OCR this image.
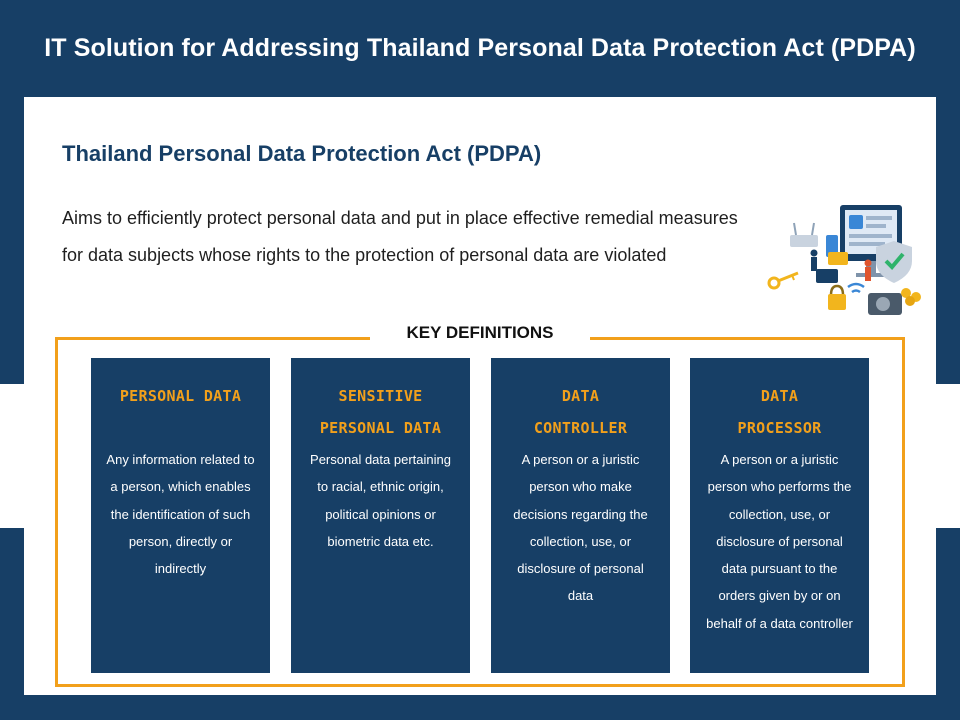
IT Solution for Addressing Thailand Personal Data Protection Act (PDPA)
Thailand Personal Data Protection Act (PDPA)
Aims to efficiently protect personal data and put in place effective remedial measures for data subjects whose rights to the protection of personal data are violated
KEY DEFINITIONS
PERSONAL DATA
Any information related to a person, which enables the identification of such person, directly or indirectly
SENSITIVE PERSONAL DATA
Personal data pertaining to racial, ethnic origin, political opinions or biometric data etc.
DATA CONTROLLER
A person or a juristic person who make decisions regarding the collection, use, or disclosure of personal data
DATA PROCESSOR
A person or a juristic person who performs the collection, use, or disclosure of personal data pursuant to the orders given by or on behalf of a data controller
